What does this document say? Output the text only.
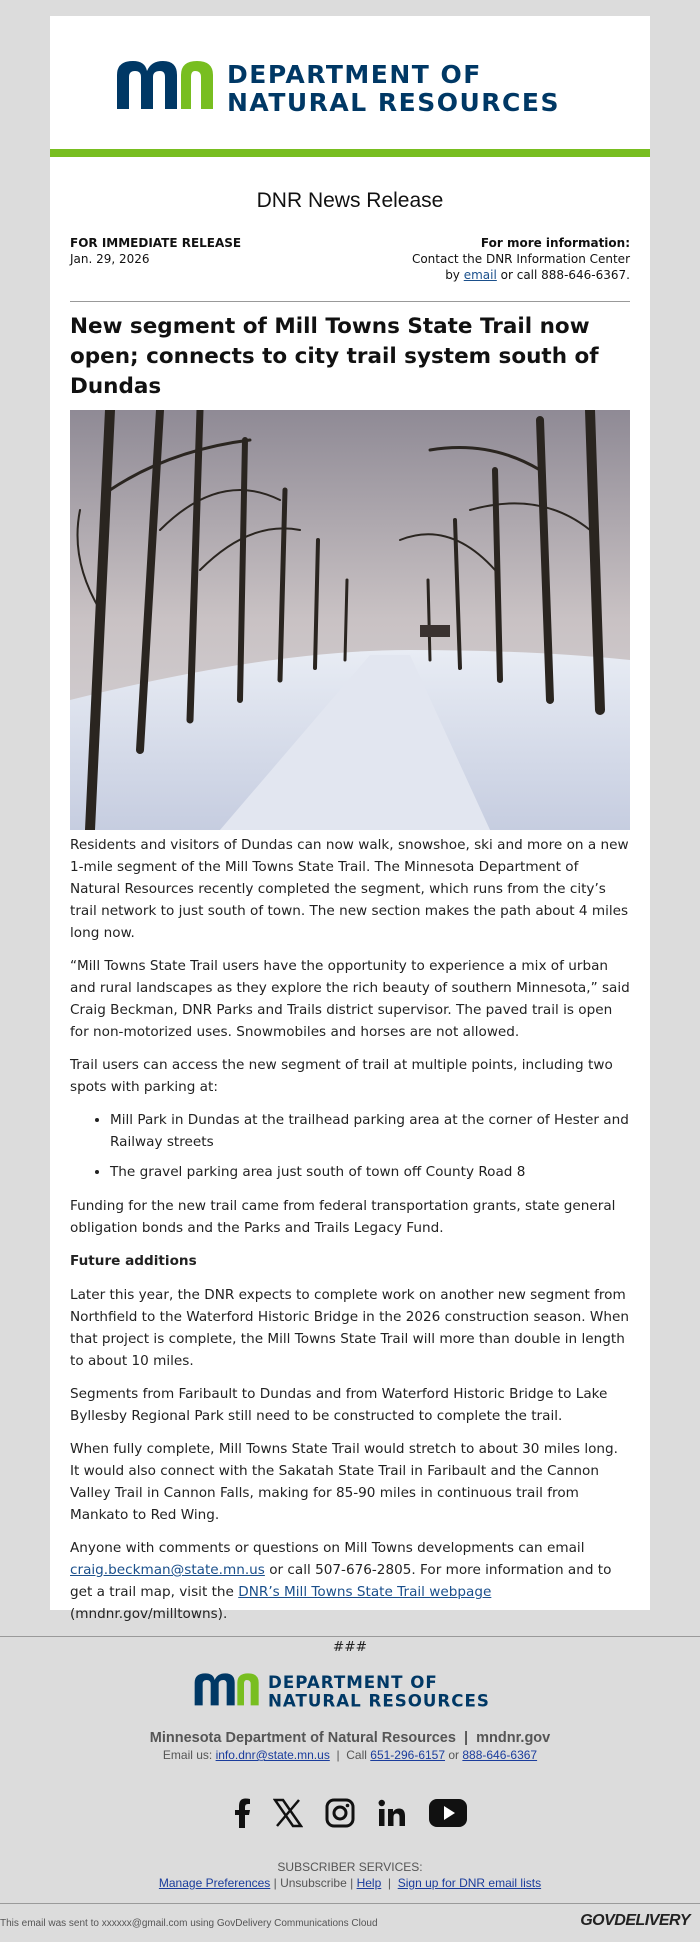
DEPARTMENT OF
NATURAL RESOURCES
DNR News Release
FOR IMMEDIATE RELEASE
Jan. 29, 2026
For more information:
Contact the DNR Information Center
by email or call 888-646-6367.
New segment of Mill Towns State Trail now open; connects to city trail system south of Dundas

Residents and visitors of Dundas can now walk, snowshoe, ski and more on a new 1-mile segment of the Mill Towns State Trail. The Minnesota Department of Natural Resources recently completed the segment, which runs from the city’s trail network to just south of town. The new section makes the path about 4 miles long now.

“Mill Towns State Trail users have the opportunity to experience a mix of urban and rural landscapes as they explore the rich beauty of southern Minnesota,” said Craig Beckman, DNR Parks and Trails district supervisor. The paved trail is open for non-motorized uses. Snowmobiles and horses are not allowed.

Trail users can access the new segment of trail at multiple points, including two spots with parking at:

• Mill Park in Dundas at the trailhead parking area at the corner of Hester and Railway streets
• The gravel parking area just south of town off County Road 8

Funding for the new trail came from federal transportation grants, state general obligation bonds and the Parks and Trails Legacy Fund.

Future additions

Later this year, the DNR expects to complete work on another new segment from Northfield to the Waterford Historic Bridge in the 2026 construction season. When that project is complete, the Mill Towns State Trail will more than double in length to about 10 miles.

Segments from Faribault to Dundas and from Waterford Historic Bridge to Lake Byllesby Regional Park still need to be constructed to complete the trail.

When fully complete, Mill Towns State Trail would stretch to about 30 miles long. It would also connect with the Sakatah State Trail in Faribault and the Cannon Valley Trail in Cannon Falls, making for 85-90 miles in continuous trail from Mankato to Red Wing.

Anyone with comments or questions on Mill Towns developments can email craig.beckman@state.mn.us or call 507-676-2805. For more information and to get a trail map, visit the DNR’s Mill Towns State Trail webpage (mndnr.gov/milltowns).

###
DEPARTMENT OF
NATURAL RESOURCES
Minnesota Department of Natural Resources  |  mndnr.gov
Email us: info.dnr@state.mn.us  |  Call 651-296-6157 or 888-646-6367
SUBSCRIBER SERVICES:
Manage Preferences | Unsubscribe | Help  |  Sign up for DNR email lists
This email was sent to xxxxxx@gmail.com using GovDelivery Communications Cloud	GOVDELIVERY
